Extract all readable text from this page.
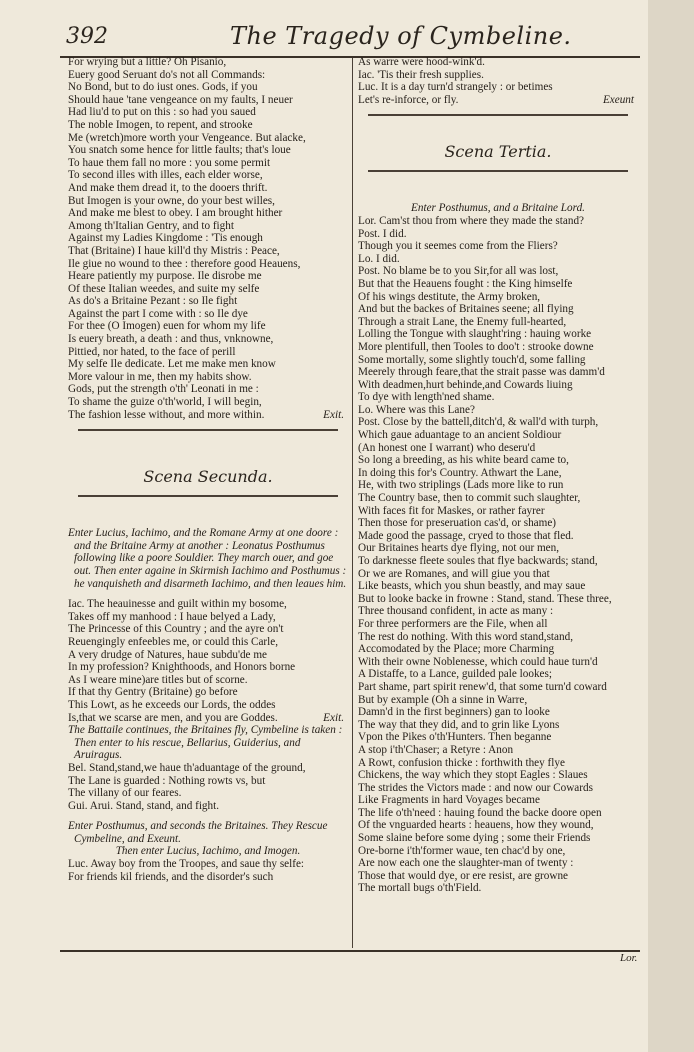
392	The Tragedy of Cymbeline.
For wrying but a little? Oh Pisanio,
Euery good Seruant do's not all Commands:
No Bond, but to do iust ones. Gods, if you
Should haue 'tane vengeance on my faults, I neuer
Had liu'd to put on this : so had you saued
The noble Imogen, to repent, and strooke
Me (wretch)more worth your Vengeance. But alacke,
You snatch some hence for little faults; that's loue
To haue them fall no more : you some permit
To second illes with illes, each elder worse,
And make them dread it, to the dooers thrift.
But Imogen is your owne, do your best willes,
And make me blest to obey. I am brought hither
Among th'Italian Gentry, and to fight
Against my Ladies Kingdome : 'Tis enough
That (Britaine) I haue kill'd thy Mistris : Peace,
Ile giue no wound to thee : therefore good Heauens,
Heare patiently my purpose. Ile disrobe me
Of these Italian weedes, and suite my selfe
As do's a Britaine Pezant : so Ile fight
Against the part I come with : so Ile dye
For thee (O Imogen) euen for whom my life
Is euery breath, a death : and thus, vnknowne,
Pittied, nor hated, to the face of perill
My selfe Ile dedicate. Let me make men know
More valour in me, then my habits show.
Gods, put the strength o'th' Leonati in me :
To shame the guize o'th'world, I will begin,
The fashion lesse without, and more within.	Exit.
Scena Secunda.
Enter Lucius, Iachimo, and the Romane Army at one doore : and the Britaine Army at another : Leonatus Posthumus following like a poore Souldier. They march ouer, and goe out. Then enter againe in Skirmish Iachimo and Posthumus : he vanquisheth and disarmeth Iachimo, and then leaues him.
Iac. The heauinesse and guilt within my bosome,
Takes off my manhood : I haue belyed a Lady,
The Princesse of this Country ; and the ayre on't
Reuengingly enfeebles me, or could this Carle,
A very drudge of Natures, haue subdu'de me
In my profession? Knighthoods, and Honors borne
As I weare mine)are titles but of scorne.
If that thy Gentry (Britaine) go before
This Lowt, as he exceeds our Lords, the oddes
Is,that we scarse are men, and you are Goddes.	Exit.
The Battaile continues, the Britaines fly, Cymbeline is taken : Then enter to his rescue, Bellarius, Guiderius, and Aruiragus.
Bel. Stand,stand,we haue th'aduantage of the ground,
The Lane is guarded : Nothing rowts vs, but
The villany of our feares.
Gui. Arui. Stand, stand, and fight.
Enter Posthumus, and seconds the Britaines. They Rescue Cymbeline, and Exeunt.
Then enter Lucius, Iachimo, and Imogen.
Luc. Away boy from the Troopes, and saue thy selfe:
For friends kil friends, and the disorder's such
As warre were hood-wink'd.
Iac. 'Tis their fresh supplies.
Luc. It is a day turn'd strangely : or betimes
Let's re-inforce, or fly.	Exeunt
Scena Tertia.
Enter Posthumus, and a Britaine Lord.
Lor. Cam'st thou from where they made the stand?
Post. I did.
Though you it seemes come from the Fliers?
Lo. I did.
Post. No blame be to you Sir,for all was lost,
But that the Heauens fought : the King himselfe
Of his wings destitute, the Army broken,
And but the backes of Britaines seene; all flying
Through a strait Lane, the Enemy full-hearted,
Lolling the Tongue with slaught'ring : hauing worke
More plentifull, then Tooles to doo't : strooke downe
Some mortally, some slightly touch'd, some falling
Meerely through feare,that the strait passe was damm'd
With deadmen,hurt behinde,and Cowards liuing
To dye with length'ned shame.
Lo. Where was this Lane?
Post. Close by the battell,ditch'd, & wall'd with turph,
Which gaue aduantage to an ancient Soldiour
(An honest one I warrant) who deseru'd
So long a breeding, as his white beard came to,
In doing this for's Country. Athwart the Lane,
He, with two striplings (Lads more like to run
The Country base, then to commit such slaughter,
With faces fit for Maskes, or rather fayrer
Then those for preseruation cas'd, or shame)
Made good the passage, cryed to those that fled.
Our Britaines hearts dye flying, not our men,
To darknesse fleete soules that flye backwards; stand,
Or we are Romanes, and will giue you that
Like beasts, which you shun beastly, and may saue
But to looke backe in frowne : Stand, stand. These three,
Three thousand confident, in acte as many :
For three performers are the File, when all
The rest do nothing. With this word stand,stand,
Accomodated by the Place; more Charming
With their owne Noblenesse, which could haue turn'd
A Distaffe, to a Lance, guilded pale lookes;
Part shame, part spirit renew'd, that some turn'd coward
But by example (Oh a sinne in Warre,
Damn'd in the first beginners) gan to looke
The way that they did, and to grin like Lyons
Vpon the Pikes o'th'Hunters. Then beganne
A stop i'th'Chaser; a Retyre : Anon
A Rowt, confusion thicke : forthwith they flye
Chickens, the way which they stopt Eagles : Slaues
The strides the Victors made : and now our Cowards
Like Fragments in hard Voyages became
The life o'th'need : hauing found the backe doore open
Of the vnguarded hearts : heauens, how they wound,
Some slaine before some dying ; some their Friends
Ore-borne i'th'former waue, ten chac'd by one,
Are now each one the slaughter-man of twenty :
Those that would dye, or ere resist, are growne
The mortall bugs o'th'Field.
Lor.
